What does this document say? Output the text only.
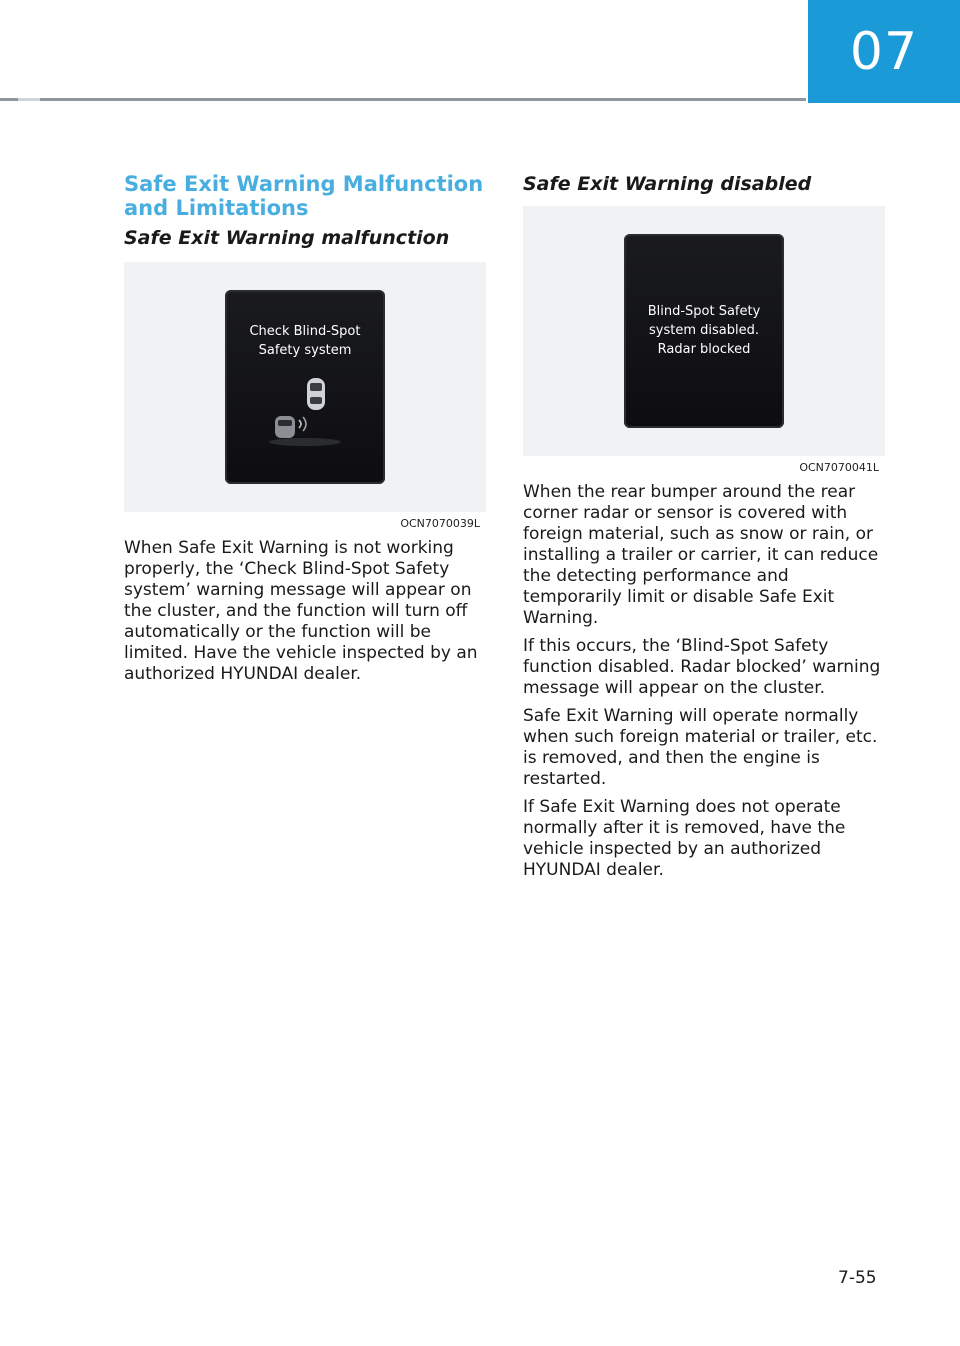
07
Safe Exit Warning Malfunction and Limitations
Safe Exit Warning malfunction
Check Blind-Spot
Safety system
OCN7070039L

When Safe Exit Warning is not working properly, the ‘Check Blind-Spot Safety system’ warning message will appear on the cluster, and the function will turn off automatically or the function will be limited. Have the vehicle inspected by an authorized HYUNDAI dealer.

Safe Exit Warning disabled
Blind-Spot Safety
system disabled.
Radar blocked
OCN7070041L

When the rear bumper around the rear corner radar or sensor is covered with foreign material, such as snow or rain, or installing a trailer or carrier, it can reduce the detecting performance and temporarily limit or disable Safe Exit Warning.

If this occurs, the ‘Blind-Spot Safety function disabled. Radar blocked’ warning message will appear on the cluster.

Safe Exit Warning will operate normally when such foreign material or trailer, etc. is removed, and then the engine is restarted.

If Safe Exit Warning does not operate normally after it is removed, have the vehicle inspected by an authorized HYUNDAI dealer.

7-55
